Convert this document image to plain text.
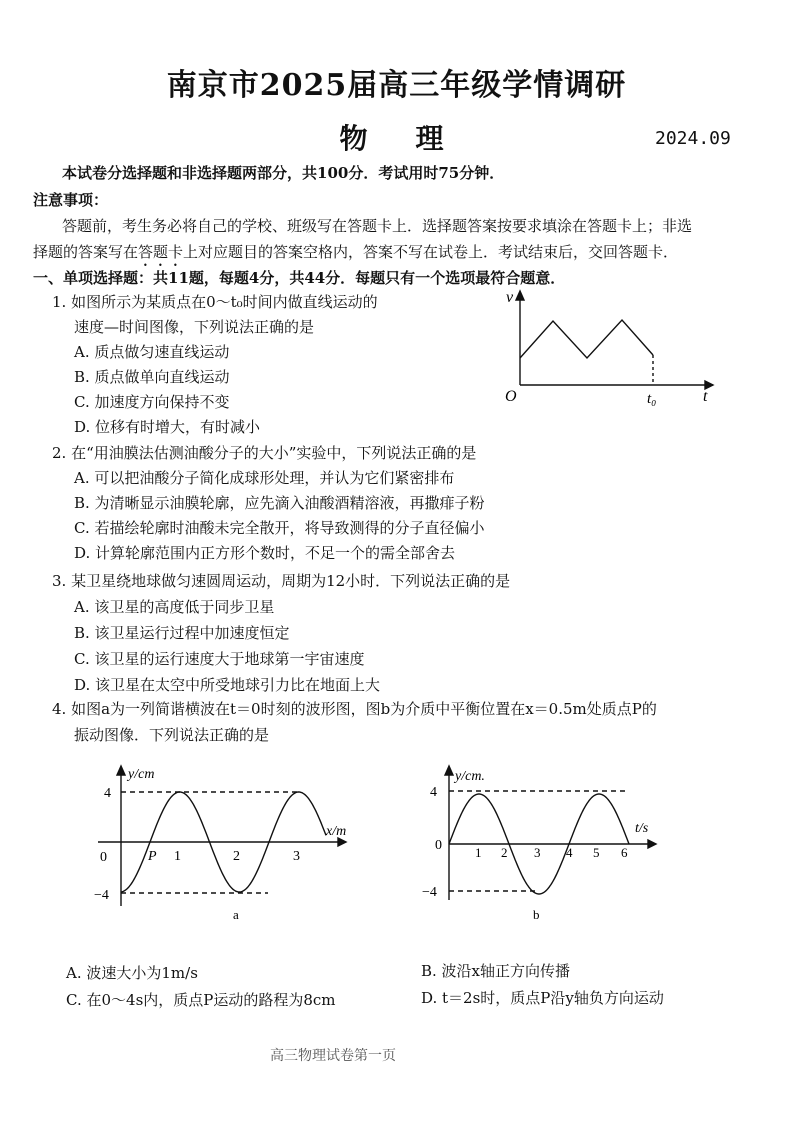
南京市2025届高三年级学情调研
物　理	2024.09
本试卷分选择题和非选择题两部分，共100分．考试用时75分钟．
注意事项：
答题前，考生务必将自己的学校、班级写在答题卡上．选择题答案按要求填涂在答题卡上；非选
择题的答案写在答题卡上对应题目的答案空格内，答案不写在试卷上．考试结束后，交回答题卡．
一、单项选择题：共11题，每题4分，共44分．每题只有一个选项最符合题意．
1. 如图所示为某质点在0～t₀时间内做直线运动的
速度—时间图像，下列说法正确的是
A. 质点做匀速直线运动
B. 质点做单向直线运动
C. 加速度方向保持不变
D. 位移有时增大，有时减小
v
O	t₀	t
2. 在“用油膜法估测油酸分子的大小”实验中，下列说法正确的是
A. 可以把油酸分子简化成球形处理，并认为它们紧密排布
B. 为清晰显示油膜轮廓，应先滴入油酸酒精溶液，再撒痱子粉
C. 若描绘轮廓时油酸未完全散开，将导致测得的分子直径偏小
D. 计算轮廓范围内正方形个数时，不足一个的需全部舍去
3. 某卫星绕地球做匀速圆周运动，周期为12小时．下列说法正确的是
A. 该卫星的高度低于同步卫星
B. 该卫星运行过程中加速度恒定
C. 该卫星的运行速度大于地球第一宇宙速度
D. 该卫星在太空中所受地球引力比在地面上大
4. 如图a为一列简谐横波在t＝0时刻的波形图，图b为介质中平衡位置在x＝0.5m处质点P的
振动图像．下列说法正确的是
y/cm
x/m
4
−4
0	P 1	2	3
a
y/cm.
t/s
4
0
−4
1 2 3 4 5 6
b
A. 波速大小为1m/s	B. 波沿x轴正方向传播
C. 在0～4s内，质点P运动的路程为8cm	D. t＝2s时，质点P沿y轴负方向运动
高三物理试卷第一页
